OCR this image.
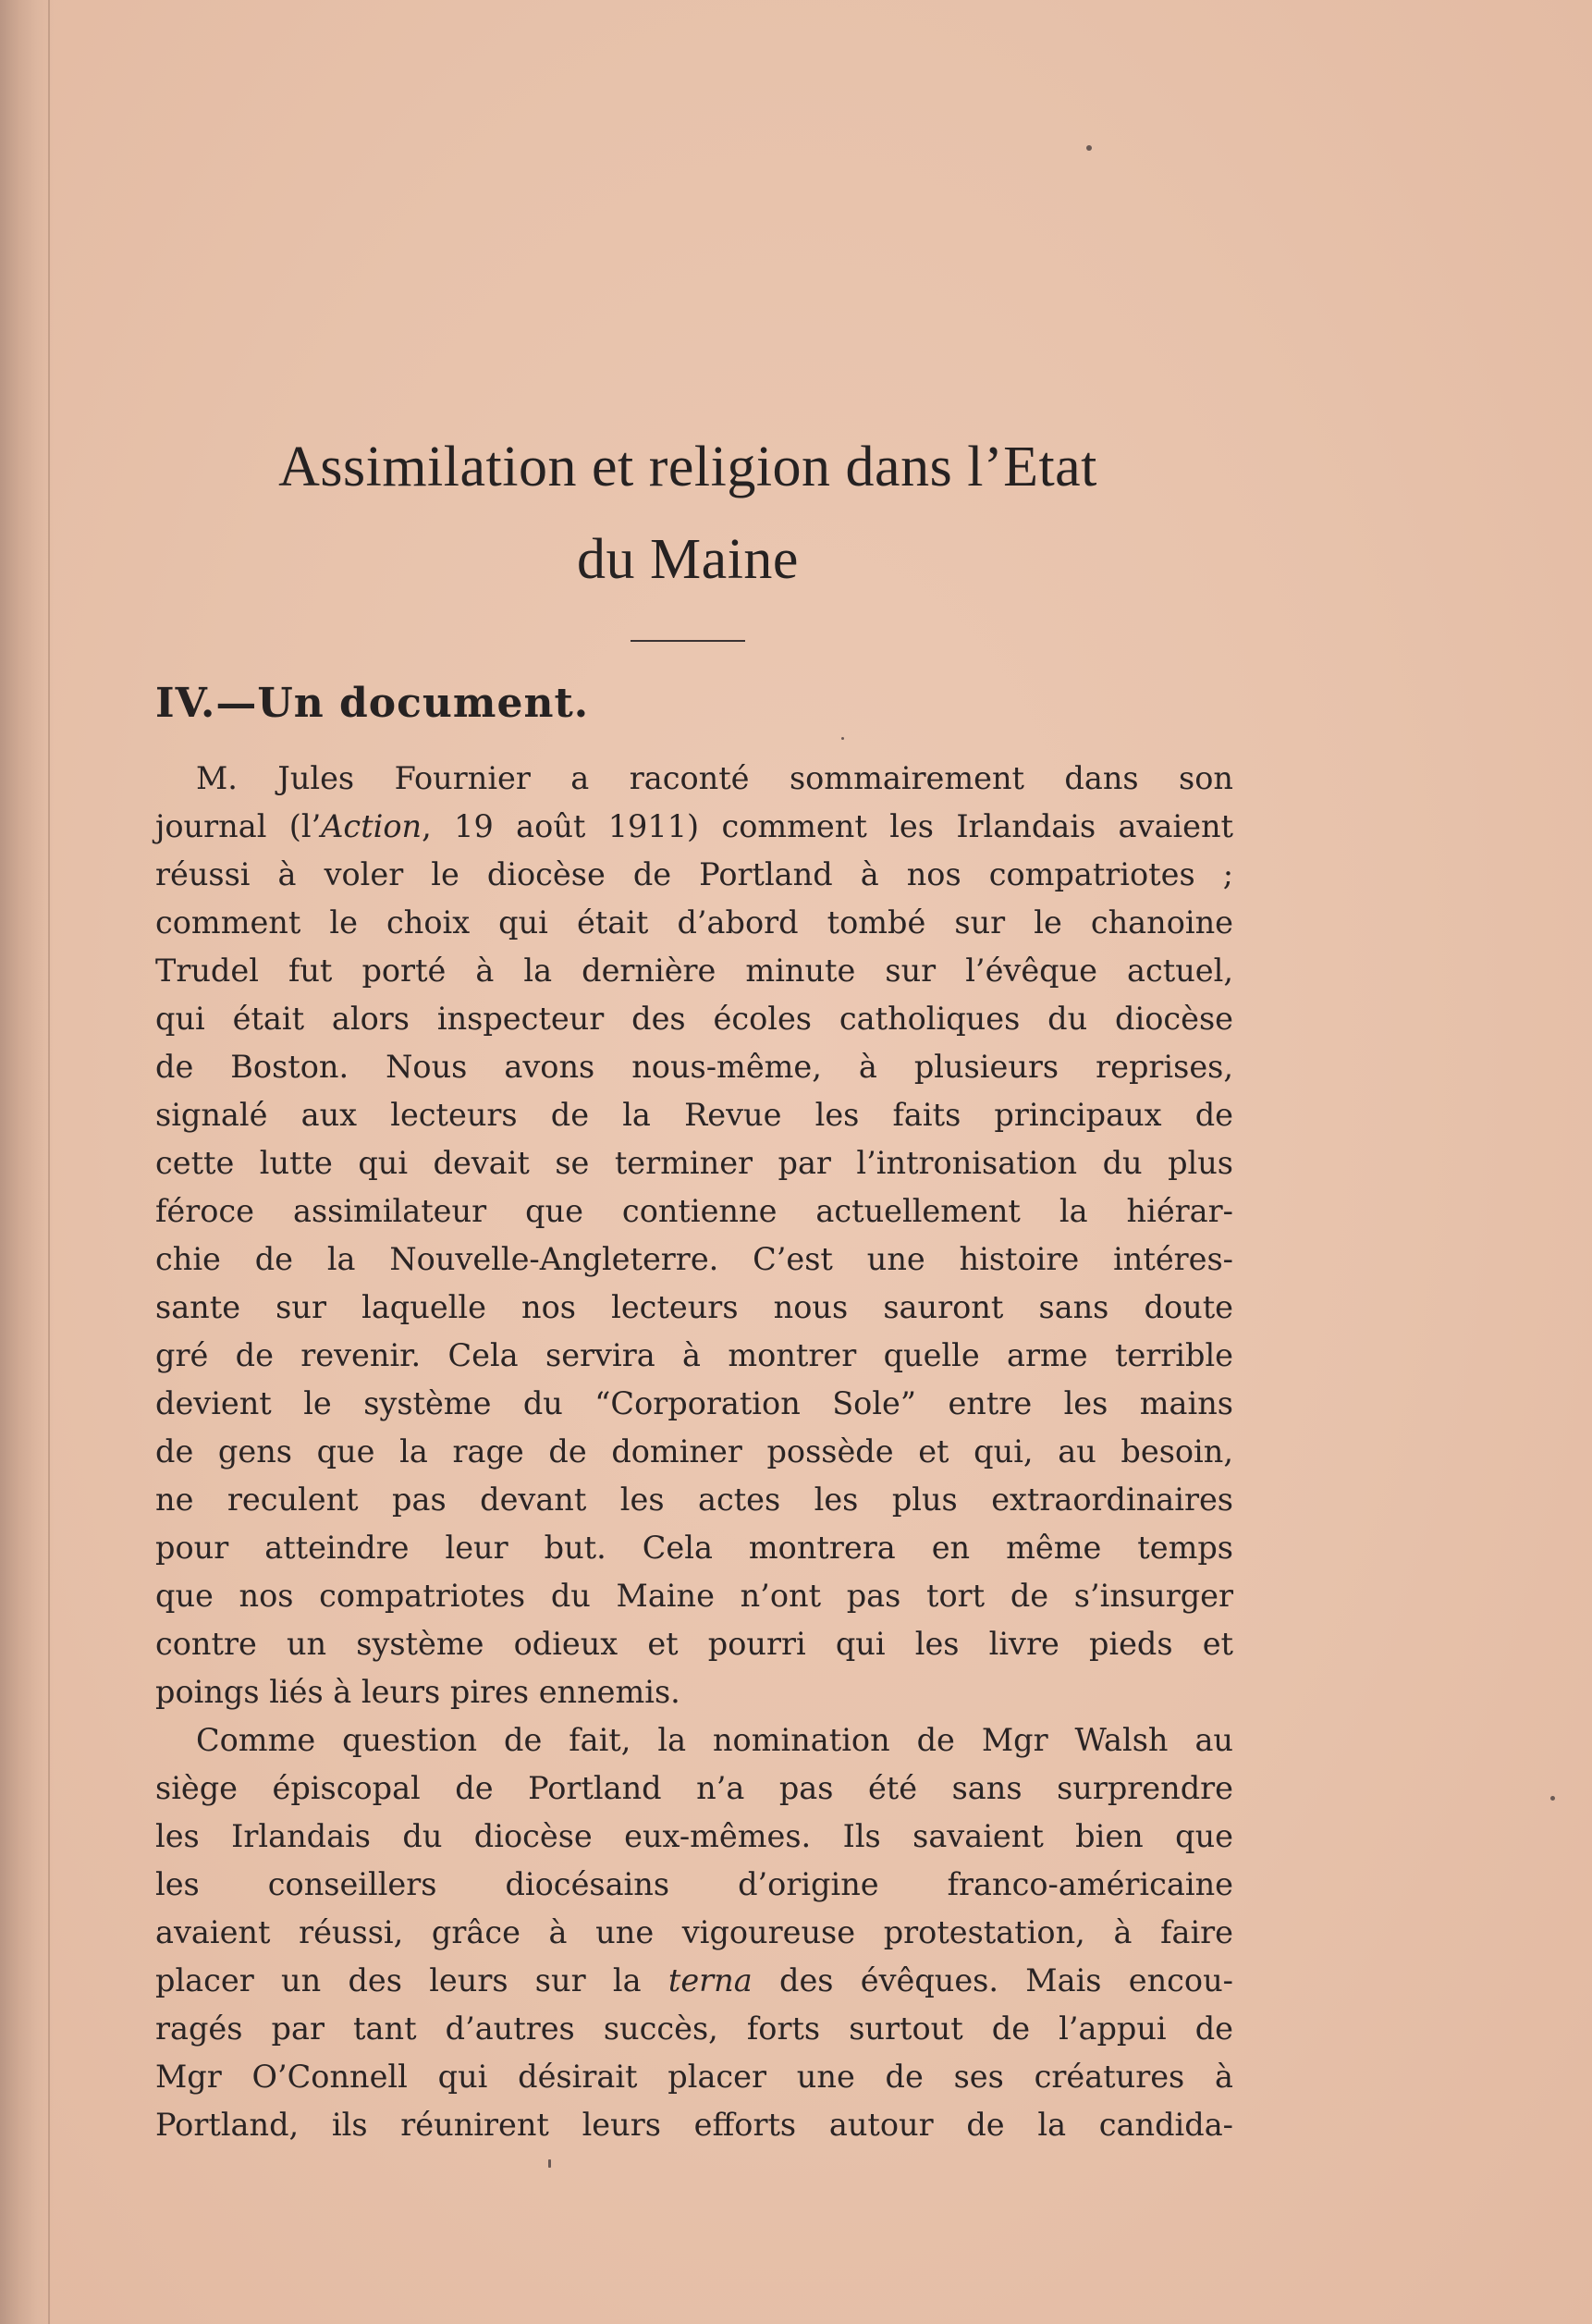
Assimilation et religion dans l’Etat
du Maine
IV.—Un document.
M. Jules Fournier a raconté sommairement dans son
journal (l’Action, 19 août 1911) comment les Irlandais avaient
réussi à voler le diocèse de Portland à nos compatriotes ;
comment le choix qui était d’abord tombé sur le chanoine
Trudel fut porté à la dernière minute sur l’évêque actuel,
qui était alors inspecteur des écoles catholiques du diocèse
de Boston. Nous avons nous-même, à plusieurs reprises,
signalé aux lecteurs de la Revue les faits principaux de
cette lutte qui devait se terminer par l’intronisation du plus
féroce assimilateur que contienne actuellement la hiérar-
chie de la Nouvelle-Angleterre. C’est une histoire intéres-
sante sur laquelle nos lecteurs nous sauront sans doute
gré de revenir. Cela servira à montrer quelle arme terrible
devient le système du “Corporation Sole” entre les mains
de gens que la rage de dominer possède et qui, au besoin,
ne reculent pas devant les actes les plus extraordinaires
pour atteindre leur but. Cela montrera en même temps
que nos compatriotes du Maine n’ont pas tort de s’insurger
contre un système odieux et pourri qui les livre pieds et
poings liés à leurs pires ennemis.
Comme question de fait, la nomination de Mgr Walsh au
siège épiscopal de Portland n’a pas été sans surprendre
les Irlandais du diocèse eux-mêmes. Ils savaient bien que
les conseillers diocésains d’origine franco-américaine
avaient réussi, grâce à une vigoureuse protestation, à faire
placer un des leurs sur la terna des évêques. Mais encou-
ragés par tant d’autres succès, forts surtout de l’appui de
Mgr O’Connell qui désirait placer une de ses créatures à
Portland, ils réunirent leurs efforts autour de la candida-
